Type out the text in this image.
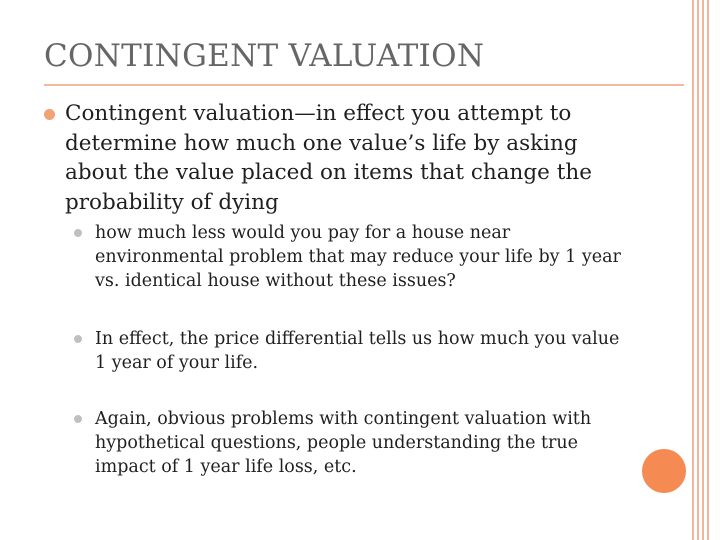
CONTINGENT VALUATION
Contingent valuation—in effect you attempt to determine how much one value’s life by asking about the value placed on items that change the probability of dying
how much less would you pay for a house near environmental problem that may reduce your life by 1 year vs. identical house without these issues?
In effect, the price differential tells us how much you value 1 year of your life.
Again, obvious problems with contingent valuation with hypothetical questions, people understanding the true impact of 1 year life loss, etc.
